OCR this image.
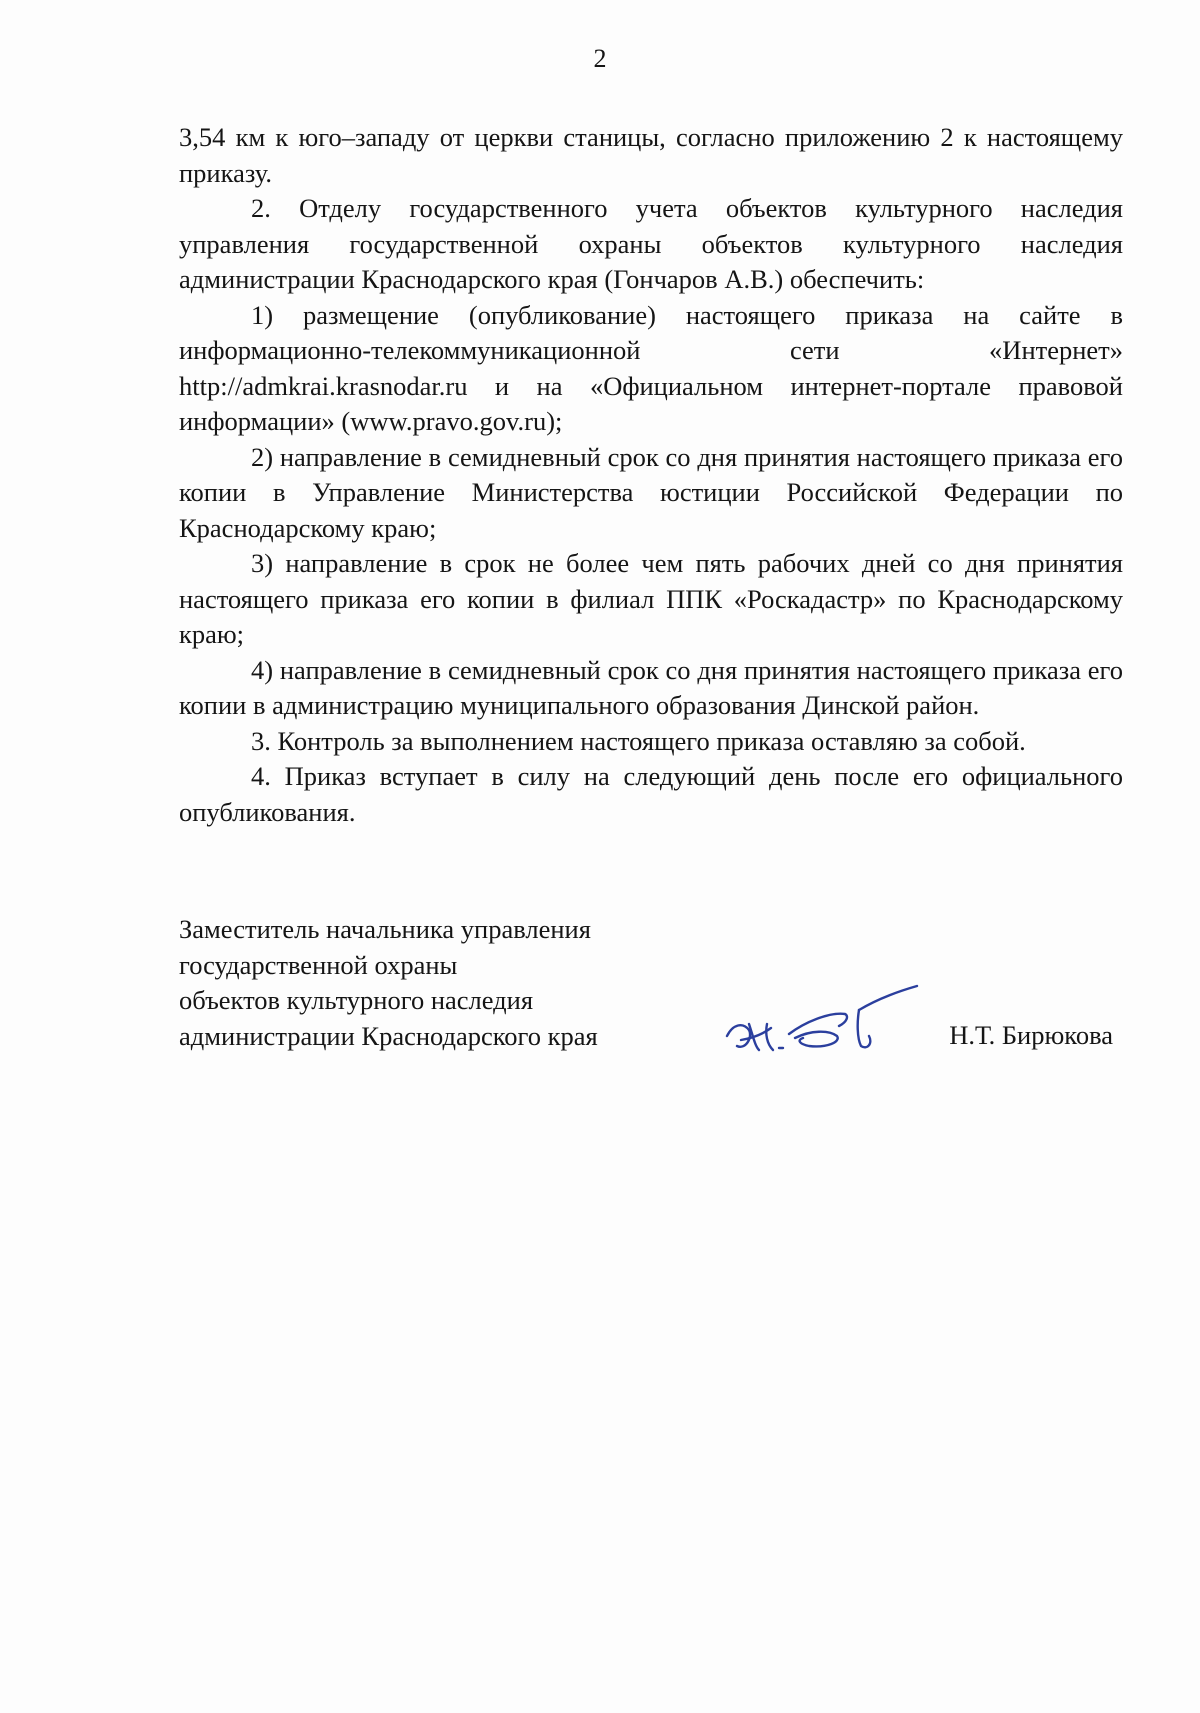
2

3,54 км к юго–западу от церкви станицы, согласно приложению 2 к настоящему приказу.

2. Отделу государственного учета объектов культурного наследия управления государственной охраны объектов культурного наследия администрации Краснодарского края (Гончаров А.В.) обеспечить:

1) размещение (опубликование) настоящего приказа на сайте в информационно-телекоммуникационной сети «Интернет» http://admkrai.krasnodar.ru и на «Официальном интернет-портале правовой информации» (www.pravo.gov.ru);

2) направление в семидневный срок со дня принятия настоящего приказа его копии в Управление Министерства юстиции Российской Федерации по Краснодарскому краю;

3) направление в срок не более чем пять рабочих дней со дня принятия настоящего приказа его копии в филиал ППК «Роскадастр» по Краснодарскому краю;

4) направление в семидневный срок со дня принятия настоящего приказа его копии в администрацию муниципального образования Динской район.

3. Контроль за выполнением настоящего приказа оставляю за собой.

4. Приказ вступает в силу на следующий день после его официального опубликования.

Заместитель начальника управления
государственной охраны
объектов культурного наследия
администрации Краснодарского края	Н.Т. Бирюкова
